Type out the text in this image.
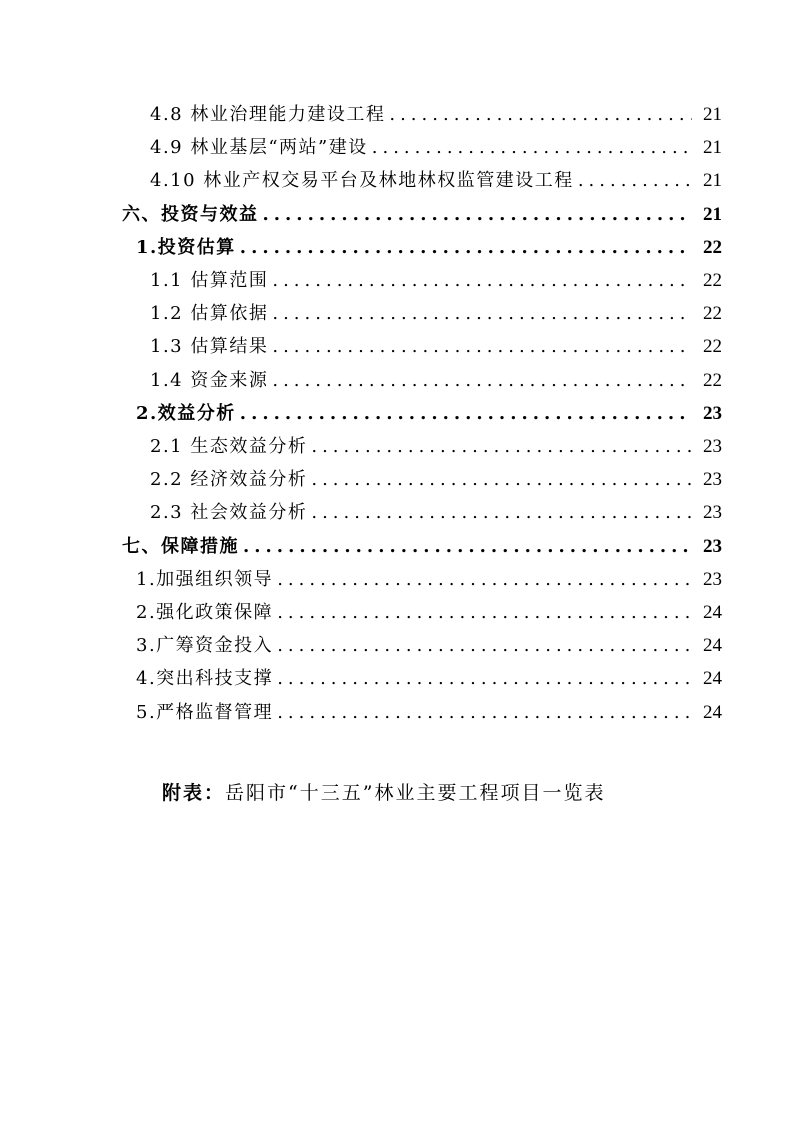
4.8 林业治理能力建设工程 .....	21
4.9 林业基层“两站”建设 .....	21
4.10 林业产权交易平台及林地林权监管建设工程 .....	21
六、投资与效益 .....	21
1.投资估算 .....	22
1.1 估算范围 .....	22
1.2 估算依据 .....	22
1.3 估算结果 .....	22
1.4 资金来源 .....	22
2.效益分析 .....	23
2.1 生态效益分析 .....	23
2.2 经济效益分析 .....	23
2.3 社会效益分析 .....	23
七、保障措施 .....	23
1.加强组织领导 .....	23
2.强化政策保障 .....	24
3.广筹资金投入 .....	24
4.突出科技支撑 .....	24
5.严格监督管理 .....	24
附表：岳阳市“十三五”林业主要工程项目一览表
